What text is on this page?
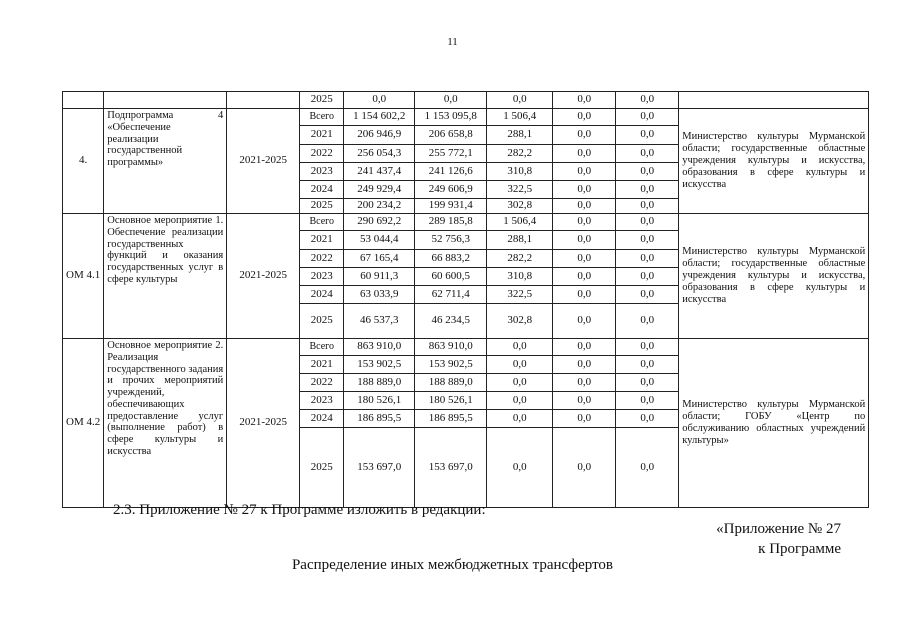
11
			2025	0,0	0,0	0,0	0,0	0,0	
4.	Подпрограмма 4 «Обеспечение реализации государственной программы»	2021-2025	Всего	1 154 602,2	1 153 095,8	1 506,4	0,0	0,0	Министерство культуры Мурманской области; государственные областные учреждения культуры и искусства, образования в сфере культуры и искусства
			2021	206 946,9	206 658,8	288,1	0,0	0,0	
			2022	256 054,3	255 772,1	282,2	0,0	0,0	
			2023	241 437,4	241 126,6	310,8	0,0	0,0	
			2024	249 929,4	249 606,9	322,5	0,0	0,0	
			2025	200 234,2	199 931,4	302,8	0,0	0,0	
ОМ 4.1	Основное мероприятие 1. Обеспечение реализации государственных функций и оказания государственных услуг в сфере культуры	2021-2025	Всего	290 692,2	289 185,8	1 506,4	0,0	0,0	Министерство культуры Мурманской области; государственные областные учреждения культуры и искусства, образования в сфере культуры и искусства
			2021	53 044,4	52 756,3	288,1	0,0	0,0	
			2022	67 165,4	66 883,2	282,2	0,0	0,0	
			2023	60 911,3	60 600,5	310,8	0,0	0,0	
			2024	63 033,9	62 711,4	322,5	0,0	0,0	
			2025	46 537,3	46 234,5	302,8	0,0	0,0	
ОМ 4.2	Основное мероприятие 2. Реализация государственного задания и прочих мероприятий учреждений, обеспечивающих предоставление услуг (выполнение работ) в сфере культуры и искусства	2021-2025	Всего	863 910,0	863 910,0	0,0	0,0	0,0	Министерство культуры Мурманской области; ГОБУ «Центр по обслуживанию областных учреждений культуры»
			2021	153 902,5	153 902,5	0,0	0,0	0,0	
			2022	188 889,0	188 889,0	0,0	0,0	0,0	
			2023	180 526,1	180 526,1	0,0	0,0	0,0	
			2024	186 895,5	186 895,5	0,0	0,0	0,0	
			2025	153 697,0	153 697,0	0,0	0,0	0,0	
2.3. Приложение № 27 к Программе изложить в редакции:
«Приложение № 27
к Программе
Распределение иных межбюджетных трансфертов
